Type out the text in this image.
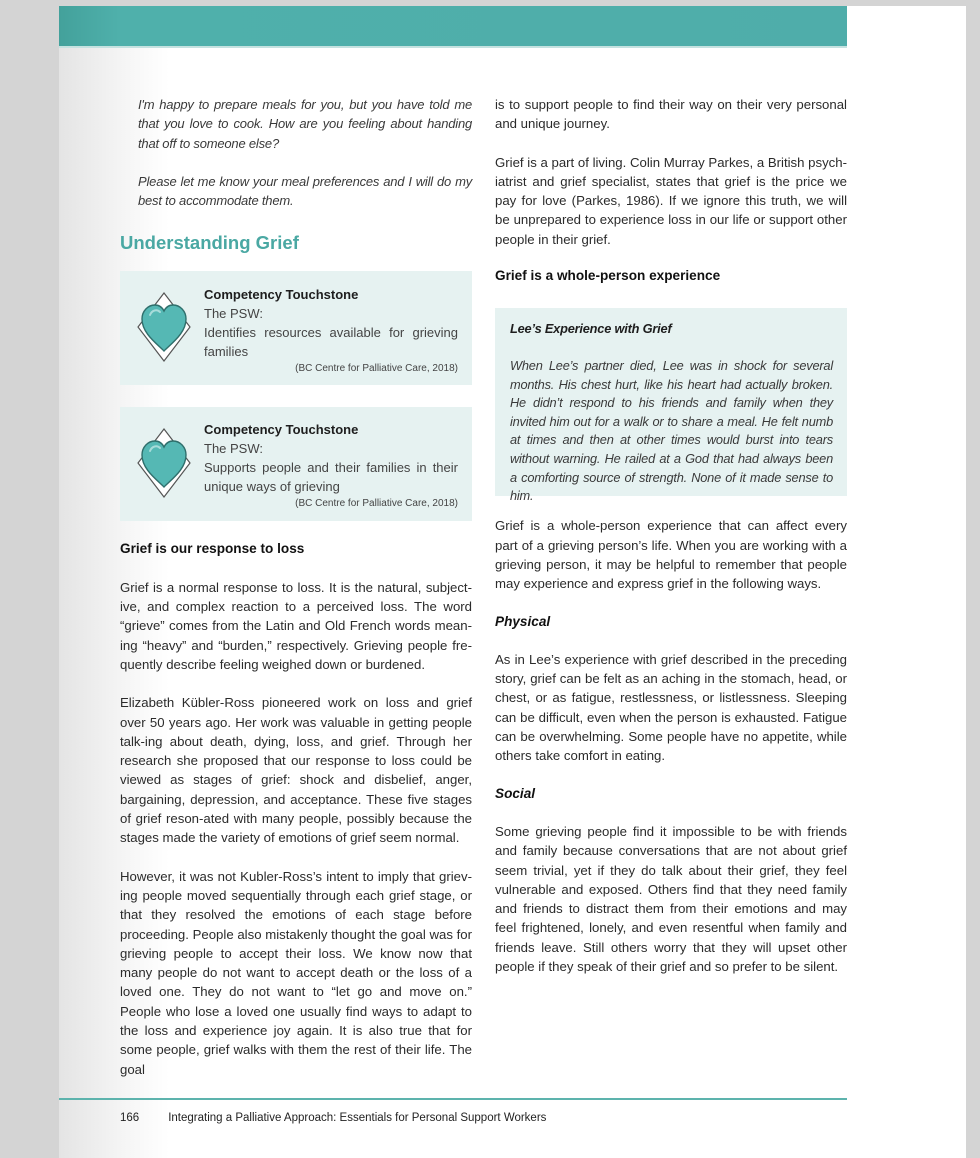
I'm happy to prepare meals for you, but you have told me that you love to cook. How are you feeling about handing that off to someone else?

Please let me know your meal preferences and I will do my best to accommodate them.

Understanding Grief
Competency Touchstone
The PSW:
Identifies resources available for grieving families
(BC Centre for Palliative Care, 2018)
Competency Touchstone
The PSW:
Supports people and their families in their unique ways of grieving
(BC Centre for Palliative Care, 2018)
Grief is our response to loss

Grief is a normal response to loss. It is the natural, subject-ive, and complex reaction to a perceived loss. The word “grieve” comes from the Latin and Old French words mean-ing “heavy” and “burden,” respectively. Grieving people fre-quently describe feeling weighed down or burdened.

Elizabeth Kübler-Ross pioneered work on loss and grief over 50 years ago. Her work was valuable in getting people talk-ing about death, dying, loss, and grief. Through her research she proposed that our response to loss could be viewed as stages of grief: shock and disbelief, anger, bargaining, depression, and acceptance. These five stages of grief reson-ated with many people, possibly because the stages made the variety of emotions of grief seem normal.

However, it was not Kubler-Ross’s intent to imply that griev-ing people moved sequentially through each grief stage, or that they resolved the emotions of each stage before proceeding. People also mistakenly thought the goal was for grieving people to accept their loss. We know now that many people do not want to accept death or the loss of a loved one. They do not want to “let go and move on.” People who lose a loved one usually find ways to adapt to the loss and experience joy again. It is also true that for some people, grief walks with them the rest of their life. The goal

is to support people to find their way on their very personal and unique journey.

Grief is a part of living. Colin Murray Parkes, a British psych-iatrist and grief specialist, states that grief is the price we pay for love (Parkes, 1986). If we ignore this truth, we will be unprepared to experience loss in our life or support other people in their grief.

Grief is a whole-person experience
Lee’s Experience with Grief
When Lee’s partner died, Lee was in shock for several months. His chest hurt, like his heart had actually broken. He didn’t respond to his friends and family when they invited him out for a walk or to share a meal. He felt numb at times and then at other times would burst into tears without warning. He railed at a God that had always been a comforting source of strength. None of it made sense to him.

Grief is a whole-person experience that can affect every part of a grieving person’s life. When you are working with a grieving person, it may be helpful to remember that people may experience and express grief in the following ways.

Physical

As in Lee’s experience with grief described in the preceding story, grief can be felt as an aching in the stomach, head, or chest, or as fatigue, restlessness, or listlessness. Sleeping can be difficult, even when the person is exhausted. Fatigue can be overwhelming. Some people have no appetite, while others take comfort in eating.

Social

Some grieving people find it impossible to be with friends and family because conversations that are not about grief seem trivial, yet if they do talk about their grief, they feel vulnerable and exposed. Others find that they need family and friends to distract them from their emotions and may feel frightened, lonely, and even resentful when family and friends leave. Still others worry that they will upset other people if they speak of their grief and so prefer to be silent.

166	Integrating a Palliative Approach: Essentials for Personal Support Workers
